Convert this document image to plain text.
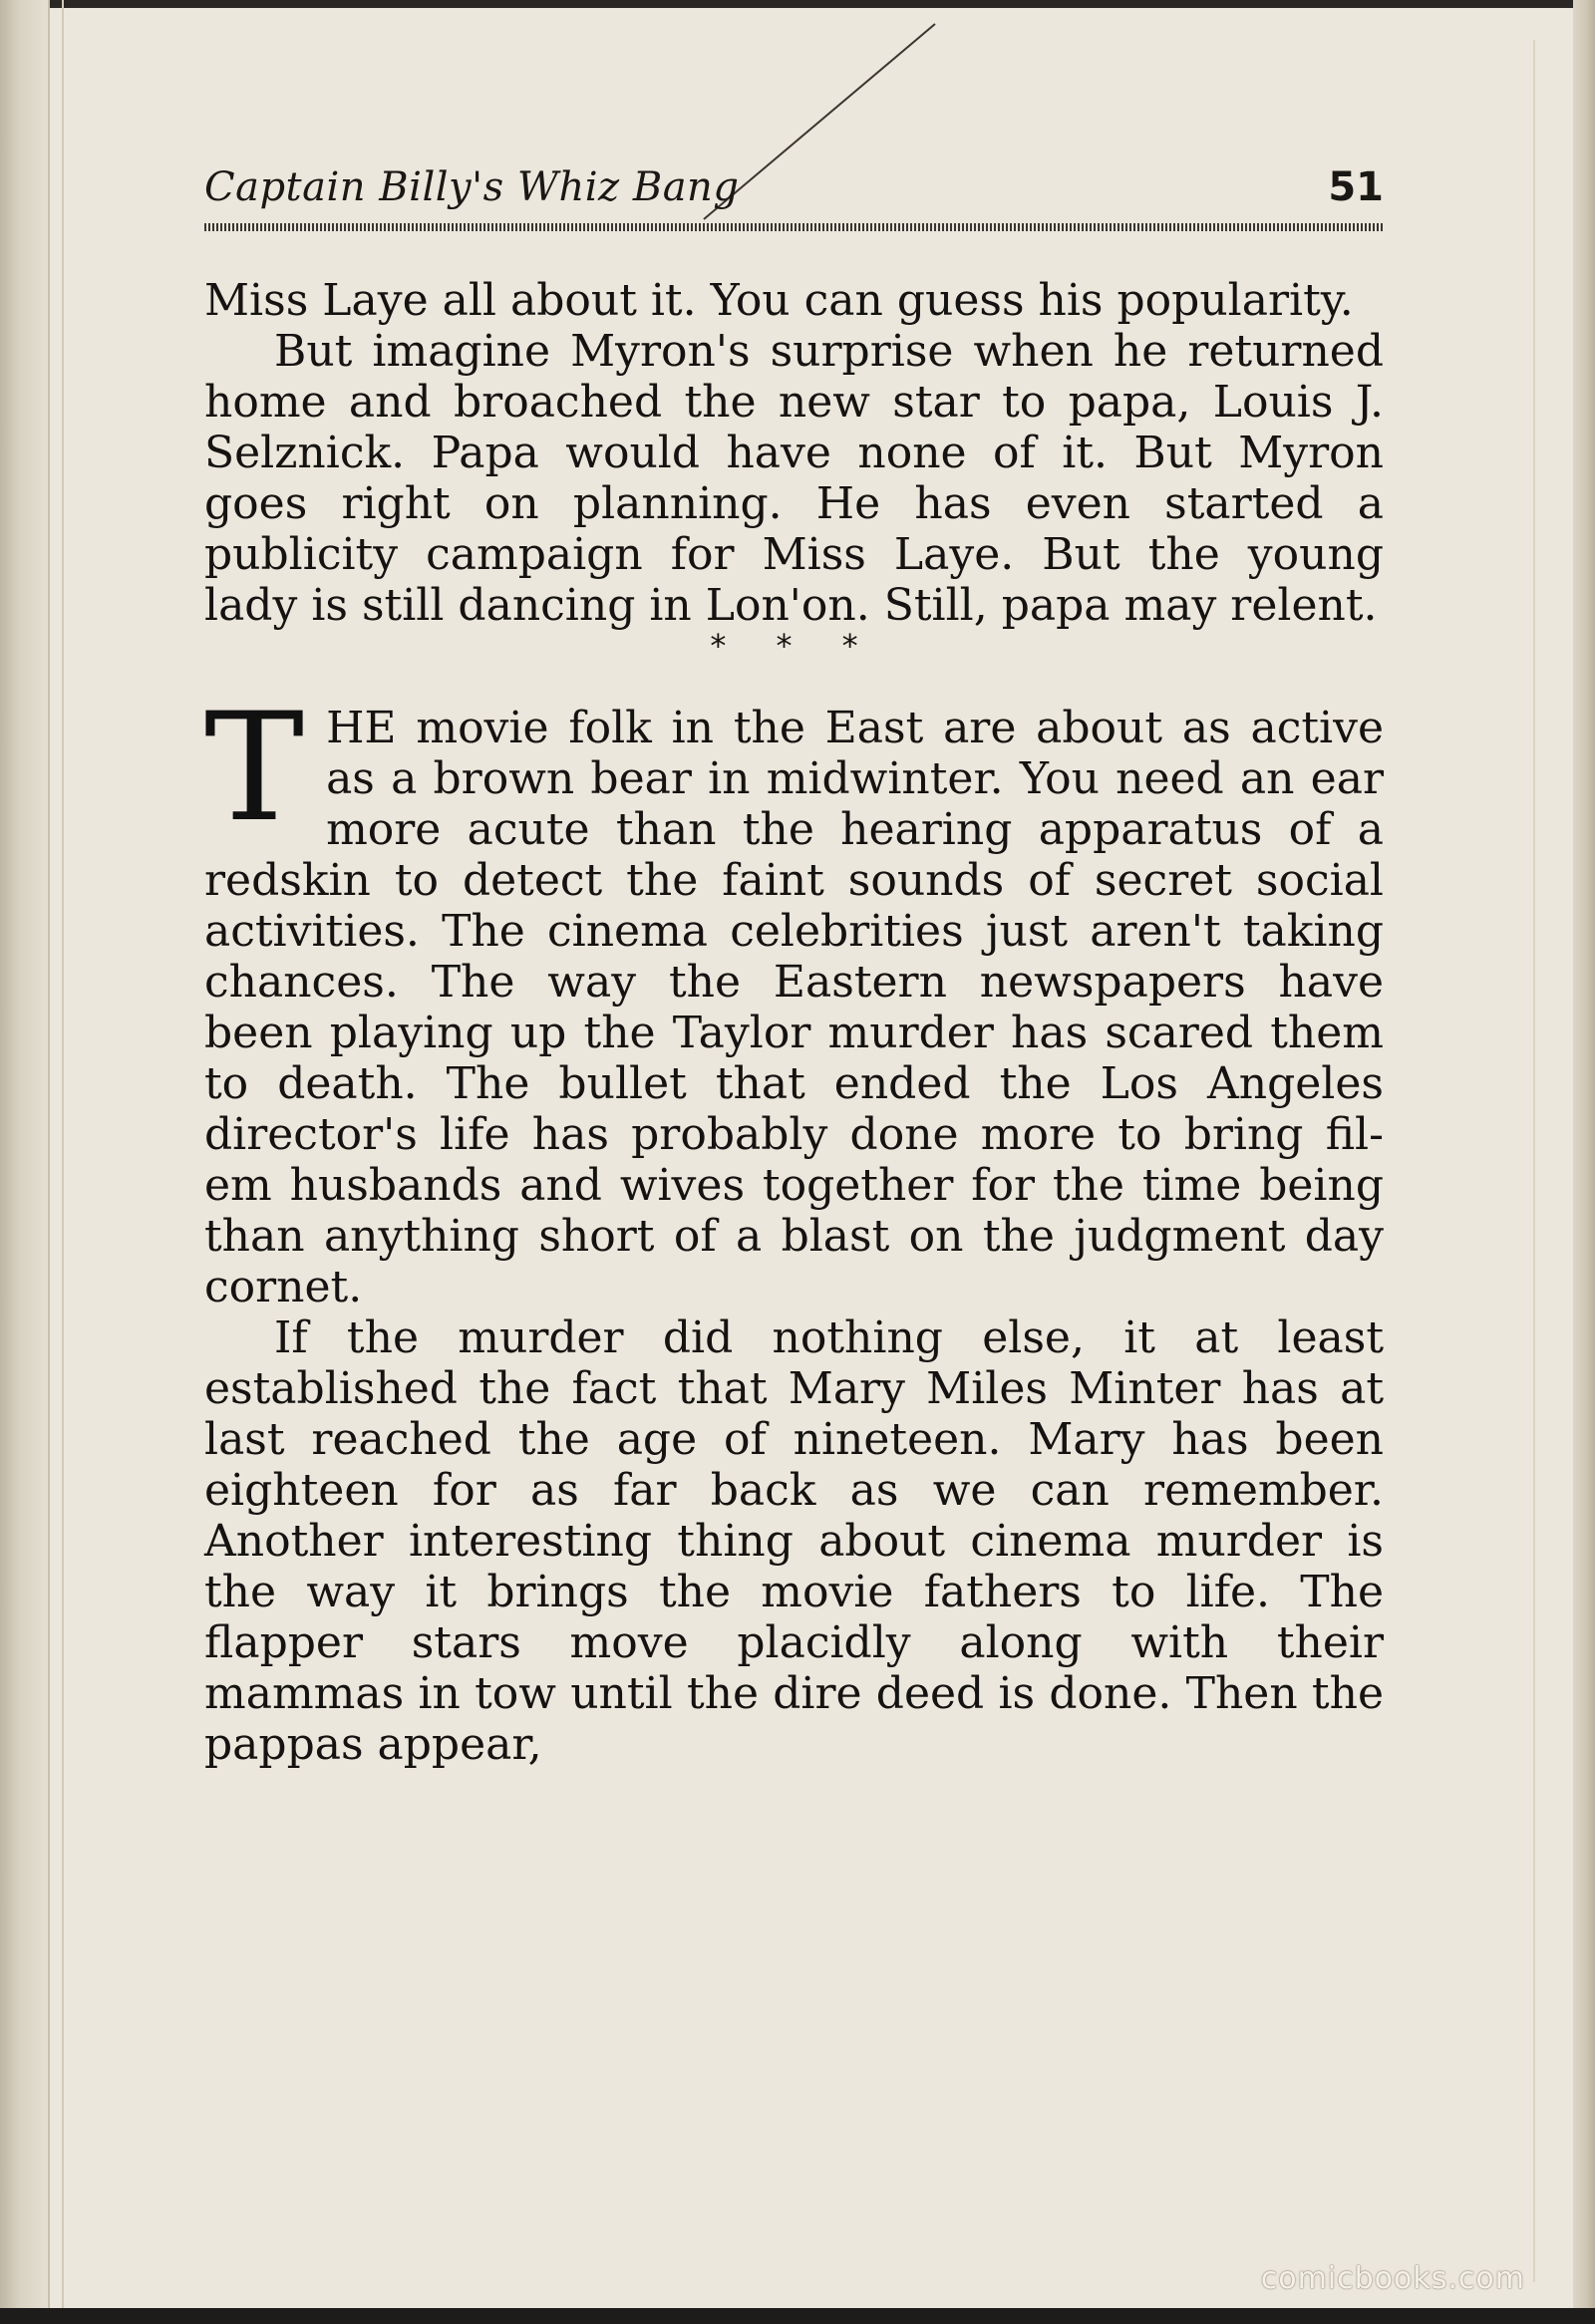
Captain Billy's Whiz Bang	51

Miss Laye all about it. You can guess his popularity.

But imagine Myron's surprise when he returned home and broached the new star to papa, Louis J. Selznick. Papa would have none of it. But Myron goes right on planning. He has even started a publicity campaign for Miss Laye. But the young lady is still dancing in Lon'on. Still, papa may relent.

* * *

THE movie folk in the East are about as active as a brown bear in midwinter. You need an ear more acute than the hearing apparatus of a redskin to detect the faint sounds of secret social activities. The cinema celebrities just aren't taking chances. The way the Eastern newspapers have been playing up the Taylor murder has scared them to death. The bullet that ended the Los Angeles director's life has probably done more to bring fil-em husbands and wives together for the time being than anything short of a blast on the judgment day cornet.

If the murder did nothing else, it at least established the fact that Mary Miles Minter has at last reached the age of nineteen. Mary has been eighteen for as far back as we can remember. Another interesting thing about cinema murder is the way it brings the movie fathers to life. The flapper stars move placidly along with their mammas in tow until the dire deed is done. Then the pappas appear,

comicbooks.com
